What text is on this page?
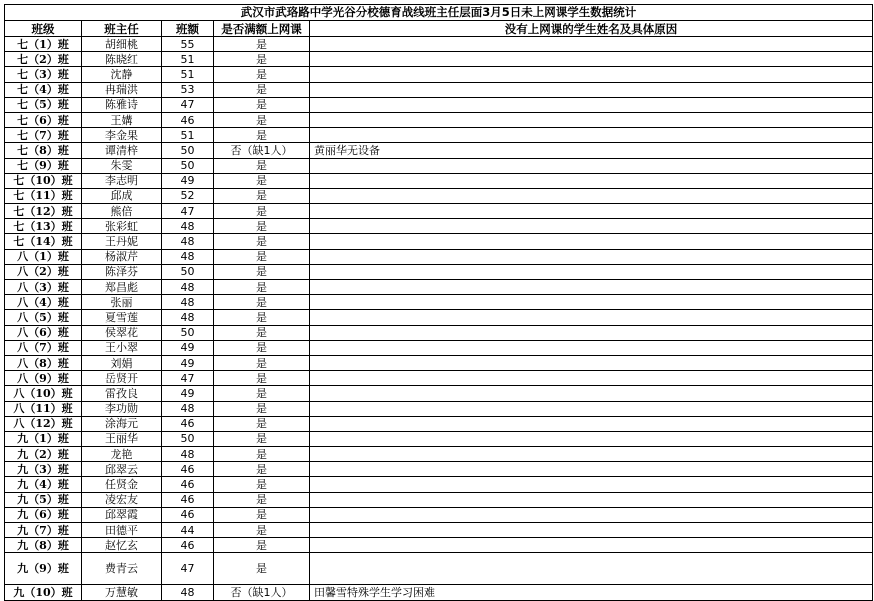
武汉市武珞路中学光谷分校德育战线班主任层面3月5日未上网课学生数据统计				
班级	班主任	班额	是否满额上网课	没有上网课的学生姓名及具体原因
七（1）班	胡细桃	55	是	
七（2）班	陈晓红	51	是	
七（3）班	沈静	51	是	
七（4）班	冉瑞洪	53	是	
七（5）班	陈雅诗	47	是	
七（6）班	王媾	46	是	
七（7）班	李金果	51	是	
七（8）班	谭清梓	50	否（缺1人）	黄丽华无设备
七（9）班	朱雯	50	是	
七（10）班	李志明	49	是	
七（11）班	邱成	52	是	
七（12）班	熊倍	47	是	
七（13）班	张彩虹	48	是	
七（14）班	王丹妮	48	是	
八（1）班	杨淑芹	48	是	
八（2）班	陈泽芬	50	是	
八（3）班	郑昌彪	48	是	
八（4）班	张丽	48	是	
八（5）班	夏雪莲	48	是	
八（6）班	侯翠花	50	是	
八（7）班	王小翠	49	是	
八（8）班	刘娟	49	是	
八（9）班	岳贤开	47	是	
八（10）班	雷孜良	49	是	
八（11）班	李功勋	48	是	
八（12）班	涂海元	46	是	
九（1）班	王丽华	50	是	
九（2）班	龙艳	48	是	
九（3）班	邱翠云	46	是	
九（4）班	任贤金	46	是	
九（5）班	凌宏友	46	是	
九（6）班	邱翠霞	46	是	
九（7）班	田德平	44	是	
九（8）班	赵忆玄	46	是	
九（9）班	费青云	47	是	
九（10）班	万慧敏	48	否（缺1人）	田馨雪特殊学生学习困难
